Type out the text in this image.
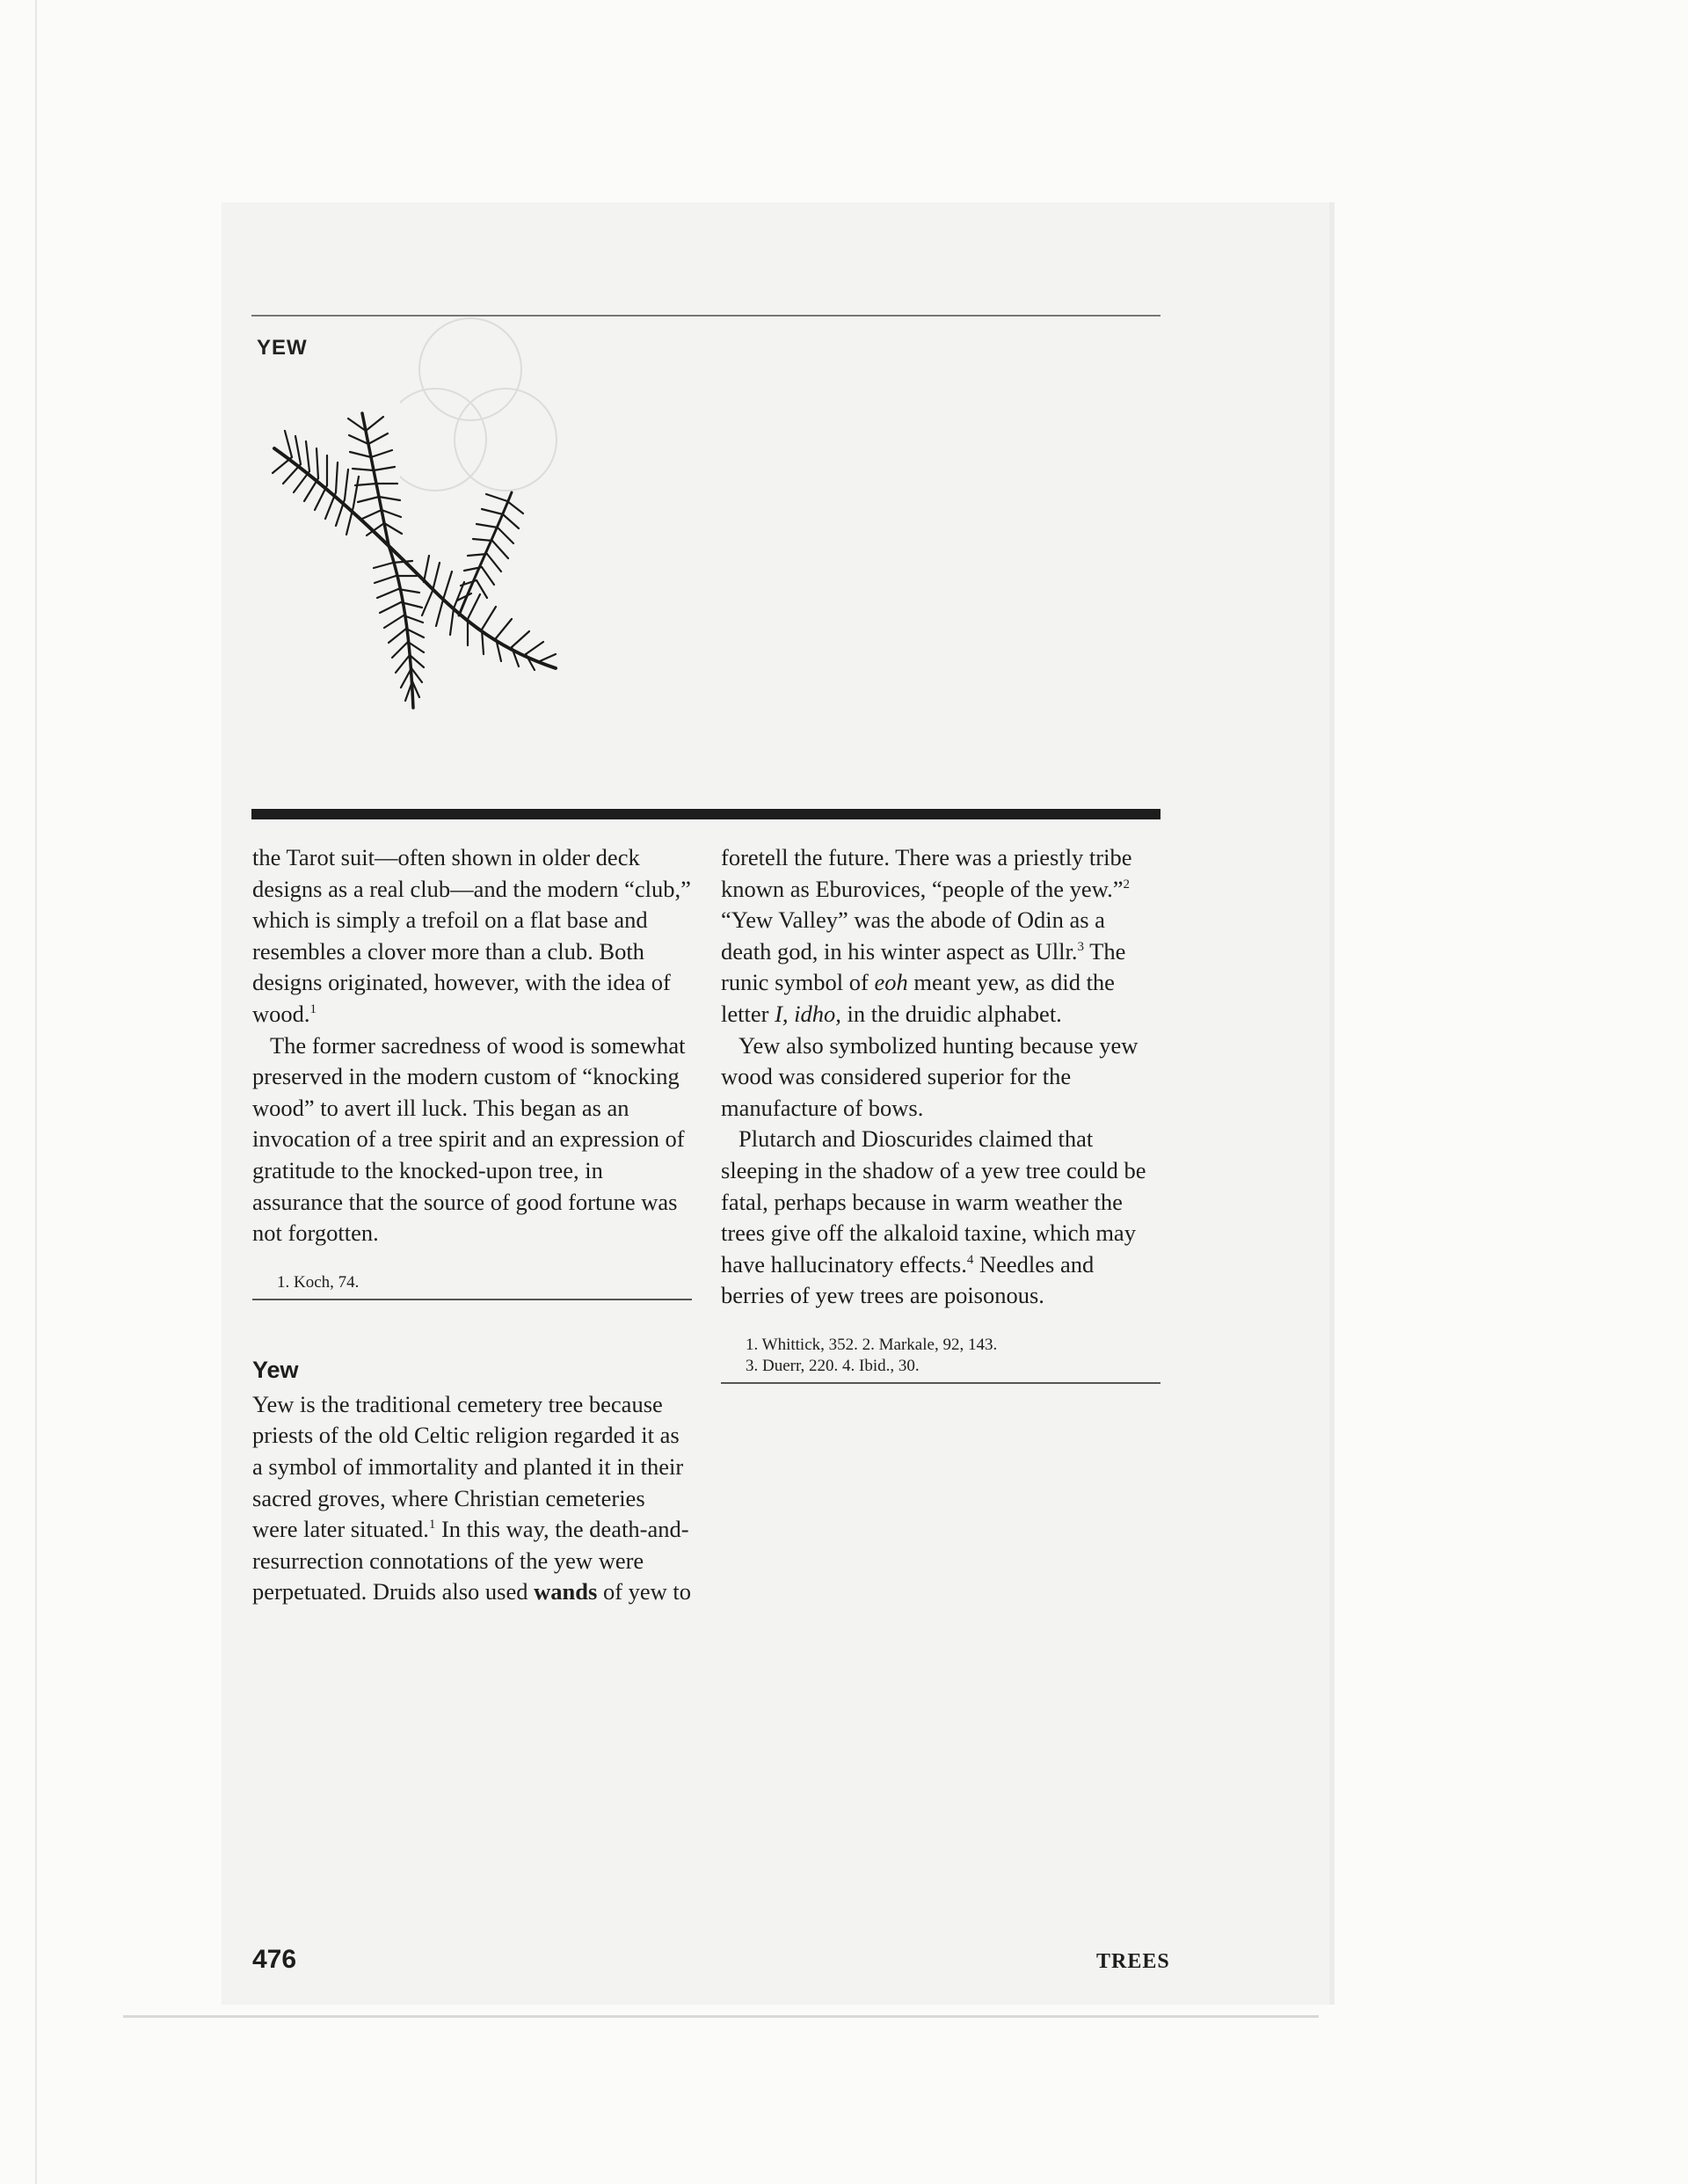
YEW

the Tarot suit—often shown in older deck designs as a real club—and the modern “club,” which is simply a trefoil on a flat base and resembles a clover more than a club. Both designs originated, however, with the idea of wood.$^1$

The former sacredness of wood is somewhat preserved in the modern custom of “knocking wood” to avert ill luck. This began as an invocation of a tree spirit and an expression of gratitude to the knocked-upon tree, in assurance that the source of good fortune was not forgotten.

1. Koch, 74.
Yew

Yew is the traditional cemetery tree because priests of the old Celtic religion regarded it as a symbol of immortality and planted it in their sacred groves, where Christian cemeteries were later situated.$^1$ In this way, the death-and-resurrection connotations of the yew were perpetuated. Druids also used wands of yew to

foretell the future. There was a priestly tribe known as Eburovices, “people of the yew.”$^2$ “Yew Valley” was the abode of Odin as a death god, in his winter aspect as Ullr.$^3$ The runic symbol of eoh meant yew, as did the letter I, idho, in the druidic alphabet.

Yew also symbolized hunting because yew wood was considered superior for the manufacture of bows.

Plutarch and Dioscurides claimed that sleeping in the shadow of a yew tree could be fatal, perhaps because in warm weather the trees give off the alkaloid taxine, which may have hallucinatory effects.$^4$ Needles and berries of yew trees are poisonous.

1. Whittick, 352. 2. Markale, 92, 143.
3. Duerr, 220. 4. Ibid., 30.

476	TREES
